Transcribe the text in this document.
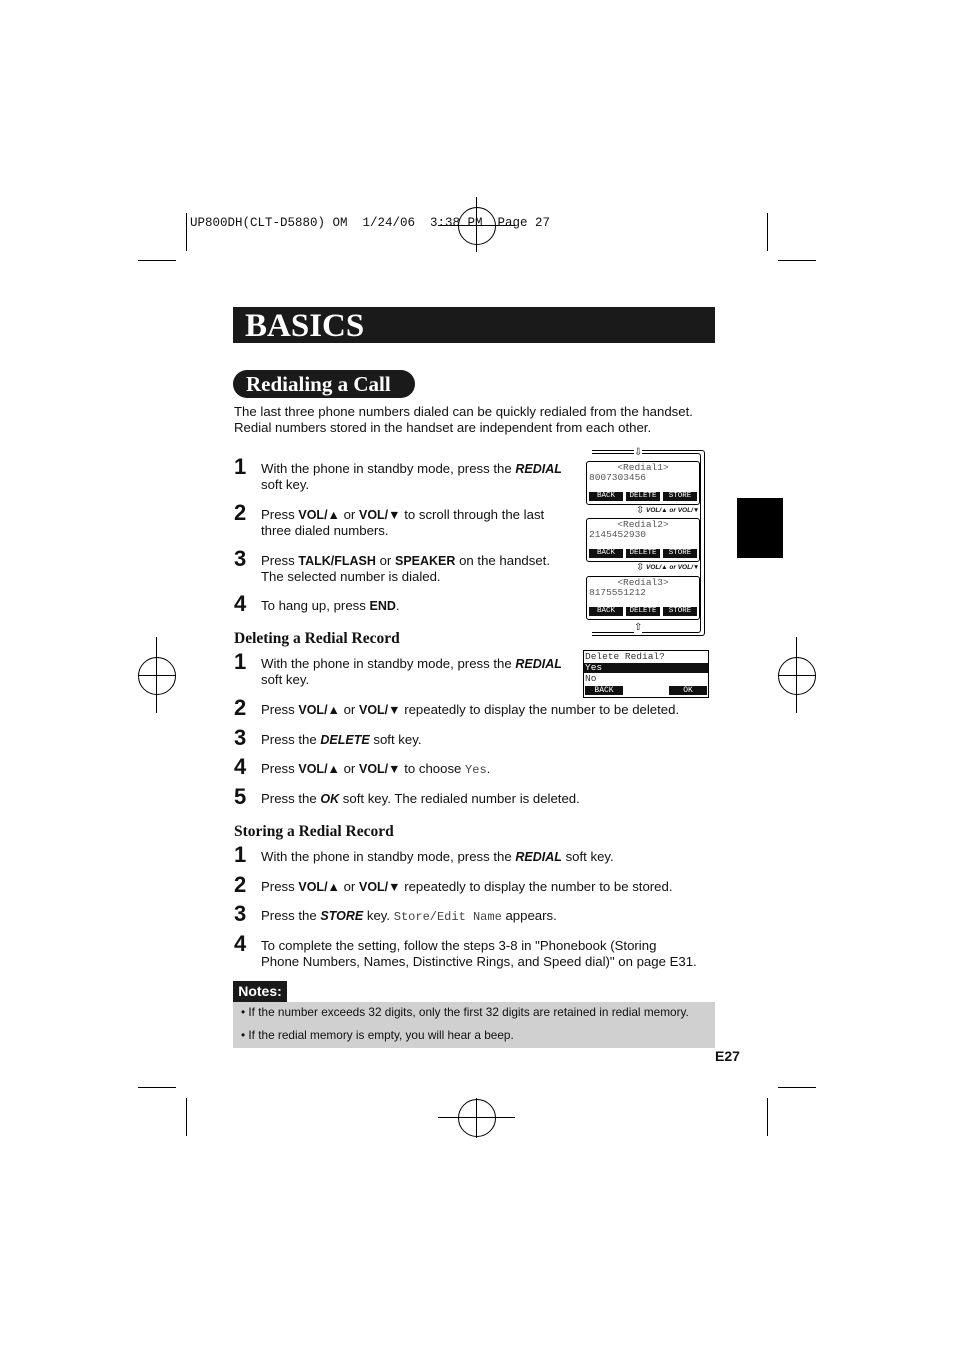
UP800DH(CLT-D5880) OM  1/24/06  3:38 PM  Page 27
BASICS
Redialing a Call
The last three phone numbers dialed can be quickly redialed from the handset.
Redial numbers stored in the handset are independent from each other.
1 With the phone in standby mode, press the REDIAL
soft key.
2 Press VOL/▲ or VOL/▼ to scroll through the last
three dialed numbers.
3 Press TALK/FLASH or SPEAKER on the handset.
The selected number is dialed.
4 To hang up, press END.
⇩
⇧
<Redial1>
8007303456
BACK	DELETE	STORE
⇳ VOL/▲ or VOL/▼
<Redial2>
2145452930
BACK	DELETE	STORE
⇳ VOL/▲ or VOL/▼
<Redial3>
8175551212
BACK	DELETE	STORE
Delete Redial?
Yes
No
BACK	OK
Deleting a Redial Record
1 With the phone in standby mode, press the REDIAL
soft key.
2 Press VOL/▲ or VOL/▼ repeatedly to display the number to be deleted.
3 Press the DELETE soft key.
4 Press VOL/▲ or VOL/▼ to choose Yes.
5 Press the OK soft key. The redialed number is deleted.
Storing a Redial Record
1 With the phone in standby mode, press the REDIAL soft key.
2 Press VOL/▲ or VOL/▼ repeatedly to display the number to be stored.
3 Press the STORE key. Store/Edit Name appears.
4 To complete the setting, follow the steps 3-8 in "Phonebook (Storing
Phone Numbers, Names, Distinctive Rings, and Speed dial)" on page E31.
Notes:
• If the number exceeds 32 digits, only the first 32 digits are retained in redial memory.
• If the redial memory is empty, you will hear a beep.
E27
